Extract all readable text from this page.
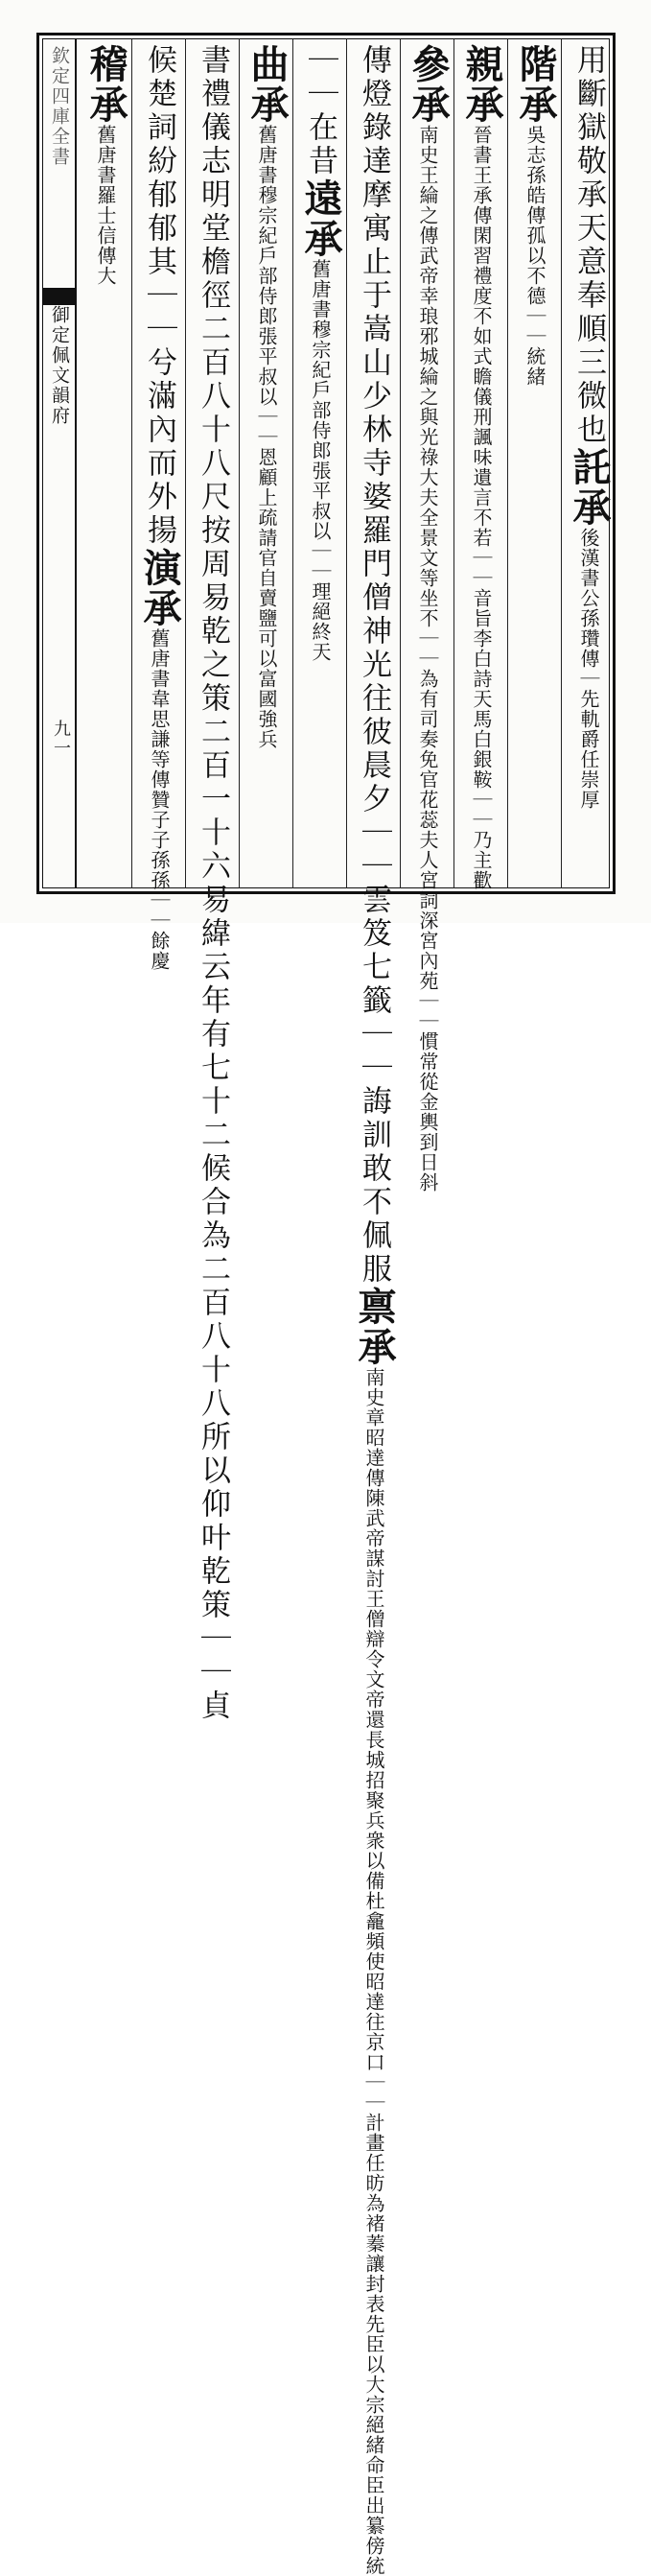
欽定四庫全書
御定佩文韻府
九一
用斷獄敬承天意奉順三微也託承後漢書公孫瓚傳｜先軌爵任崇厚
階承吳志孫皓傳孤以不德｜｜統緒
親承晉書王承傳閑習禮度不如式瞻儀刑諷味遺言不若｜｜音旨李白詩天馬白銀鞍｜｜乃主歡
參承南史王綸之傳武帝幸琅邪城綸之與光祿大夫全景文等坐不｜｜為有司奏免官花蕊夫人宮詞深宮內苑｜｜慣常從金輿到日斜
傳燈錄達摩寓止于嵩山少林寺婆羅門僧神光往彼晨夕｜｜雲笈七籤｜｜誨訓敢不佩服禀承南史章昭達傳陳武帝謀討王僧辯令文帝還長城招聚兵衆以備杜龕頻使昭達往京口｜｜計畫任昉為褚蓁讓封表先臣以大宗絕緒命臣出纂傍統
｜｜在昔遠承舊唐書穆宗紀戶部侍郎張平叔以｜｜理絕終天
曲承舊唐書穆宗紀戶部侍郎張平叔以｜｜恩顧上疏請官自賣鹽可以富國強兵
書禮儀志明堂檐徑二百八十八尺按周易乾之策二百一十六易緯云年有七十二候合為二百八十八所以仰叶乾策｜｜貞
候楚詞紛郁郁其｜｜兮滿內而外揚演承舊唐書韋思謙等傳贊子子孫孫｜｜餘慶
稽承舊唐書羅士信傳大
